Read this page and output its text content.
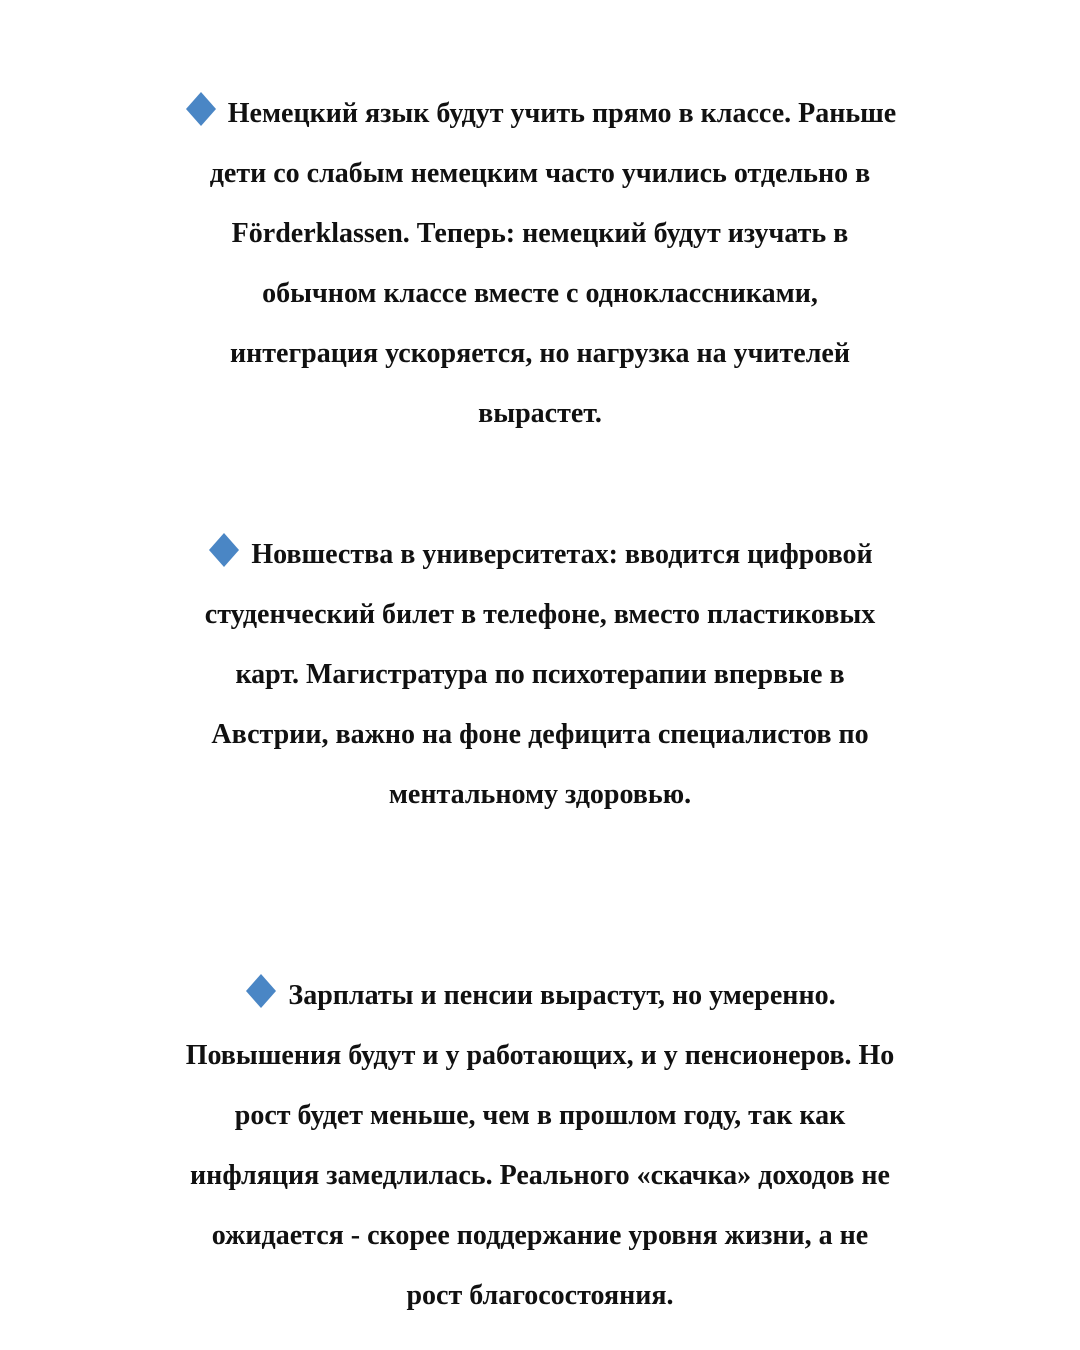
Немецкий язык будут учить прямо в классе. Раньше
дети со слабым немецким часто учились отдельно в
Förderklassen. Теперь: немецкий будут изучать в
обычном классе вместе с одноклассниками,
интеграция ускоряется, но нагрузка на учителей
вырастет.
Новшества в университетах: вводится цифровой
студенческий билет в телефоне, вместо пластиковых
карт. Магистратура по психотерапии впервые в
Австрии, важно на фоне дефицита специалистов по
ментальному здоровью.
Зарплаты и пенсии вырастут, но умеренно.
Повышения будут и у работающих, и у пенсионеров. Но
рост будет меньше, чем в прошлом году, так как
инфляция замедлилась. Реального «скачка» доходов не
ожидается - скорее поддержание уровня жизни, а не
рост благосостояния.
